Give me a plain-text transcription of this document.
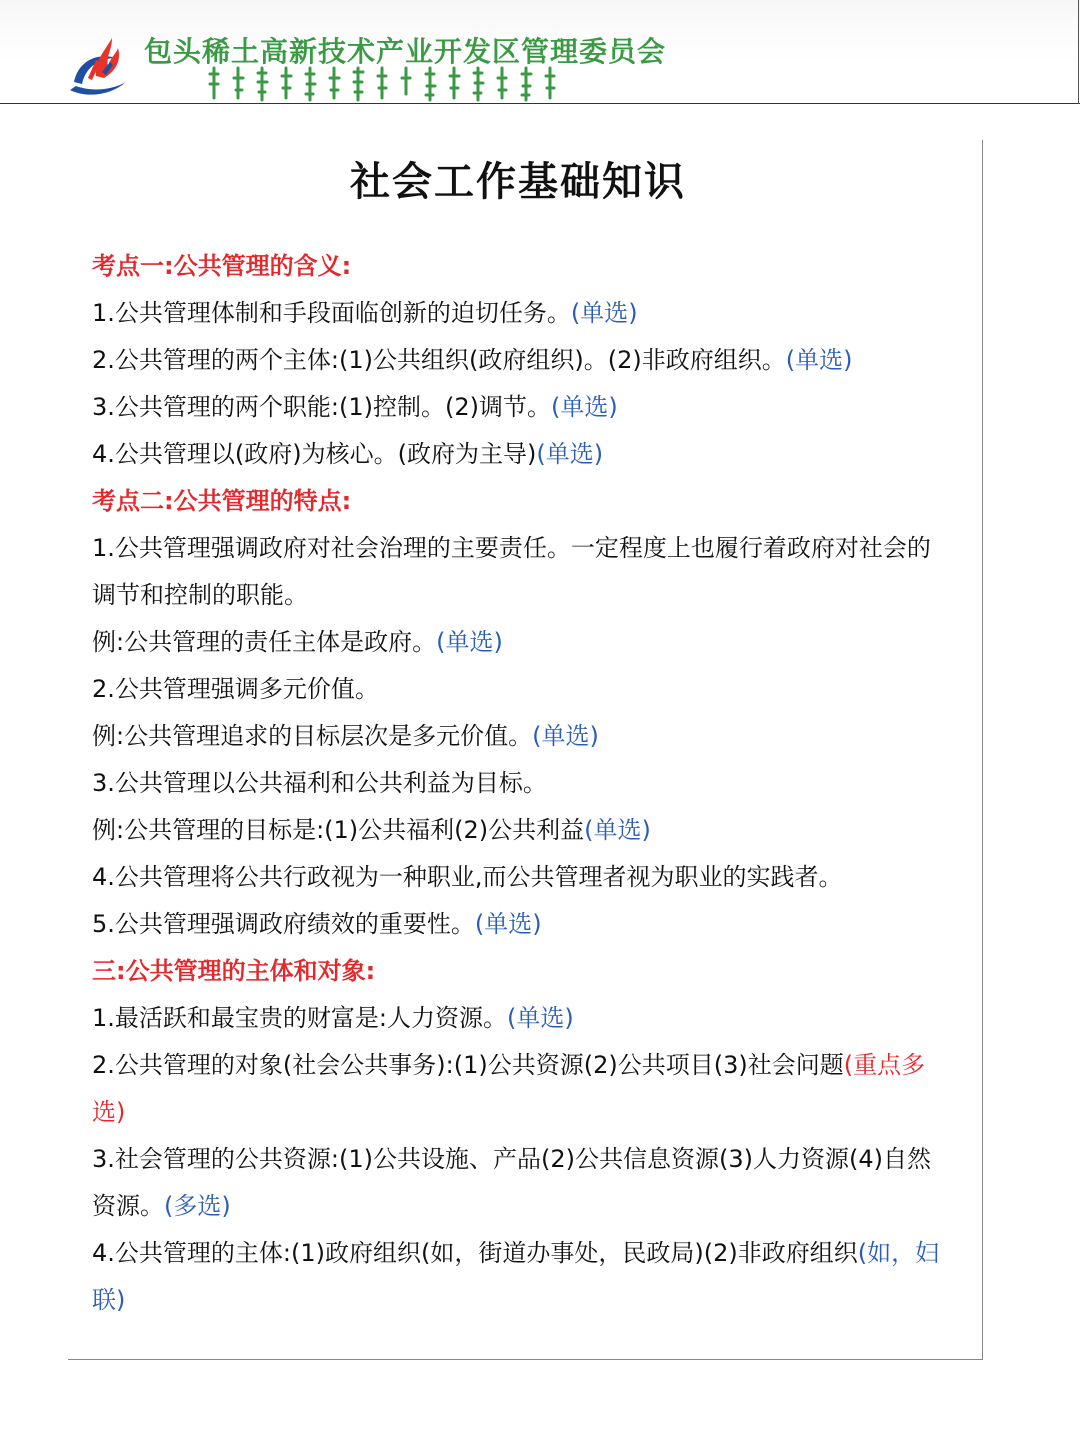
包头稀土高新技术产业开发区管理委员会
社会工作基础知识

考点一:公共管理的含义:

1.公共管理体制和手段面临创新的迫切任务。(单选)

2.公共管理的两个主体:(1)公共组织(政府组织)。(2)非政府组织。(单选)

3.公共管理的两个职能:(1)控制。(2)调节。(单选)

4.公共管理以(政府)为核心。(政府为主导)(单选)

考点二:公共管理的特点:

1.公共管理强调政府对社会治理的主要责任。一定程度上也履行着政府对社会的调节和控制的职能。

例:公共管理的责任主体是政府。(单选)

2.公共管理强调多元价值。

例:公共管理追求的目标层次是多元价值。(单选)

3.公共管理以公共福利和公共利益为目标。

例:公共管理的目标是:(1)公共福利(2)公共利益(单选)

4.公共管理将公共行政视为一种职业,而公共管理者视为职业的实践者。

5.公共管理强调政府绩效的重要性。(单选)

三:公共管理的主体和对象:

1.最活跃和最宝贵的财富是:人力资源。(单选)

2.公共管理的对象(社会公共事务):(1)公共资源(2)公共项目(3)社会问题(重点多选)

3.社会管理的公共资源:(1)公共设施、产品(2)公共信息资源(3)人力资源(4)自然资源。(多选)

4.公共管理的主体:(1)政府组织(如，街道办事处，民政局)(2)非政府组织(如，妇联)
